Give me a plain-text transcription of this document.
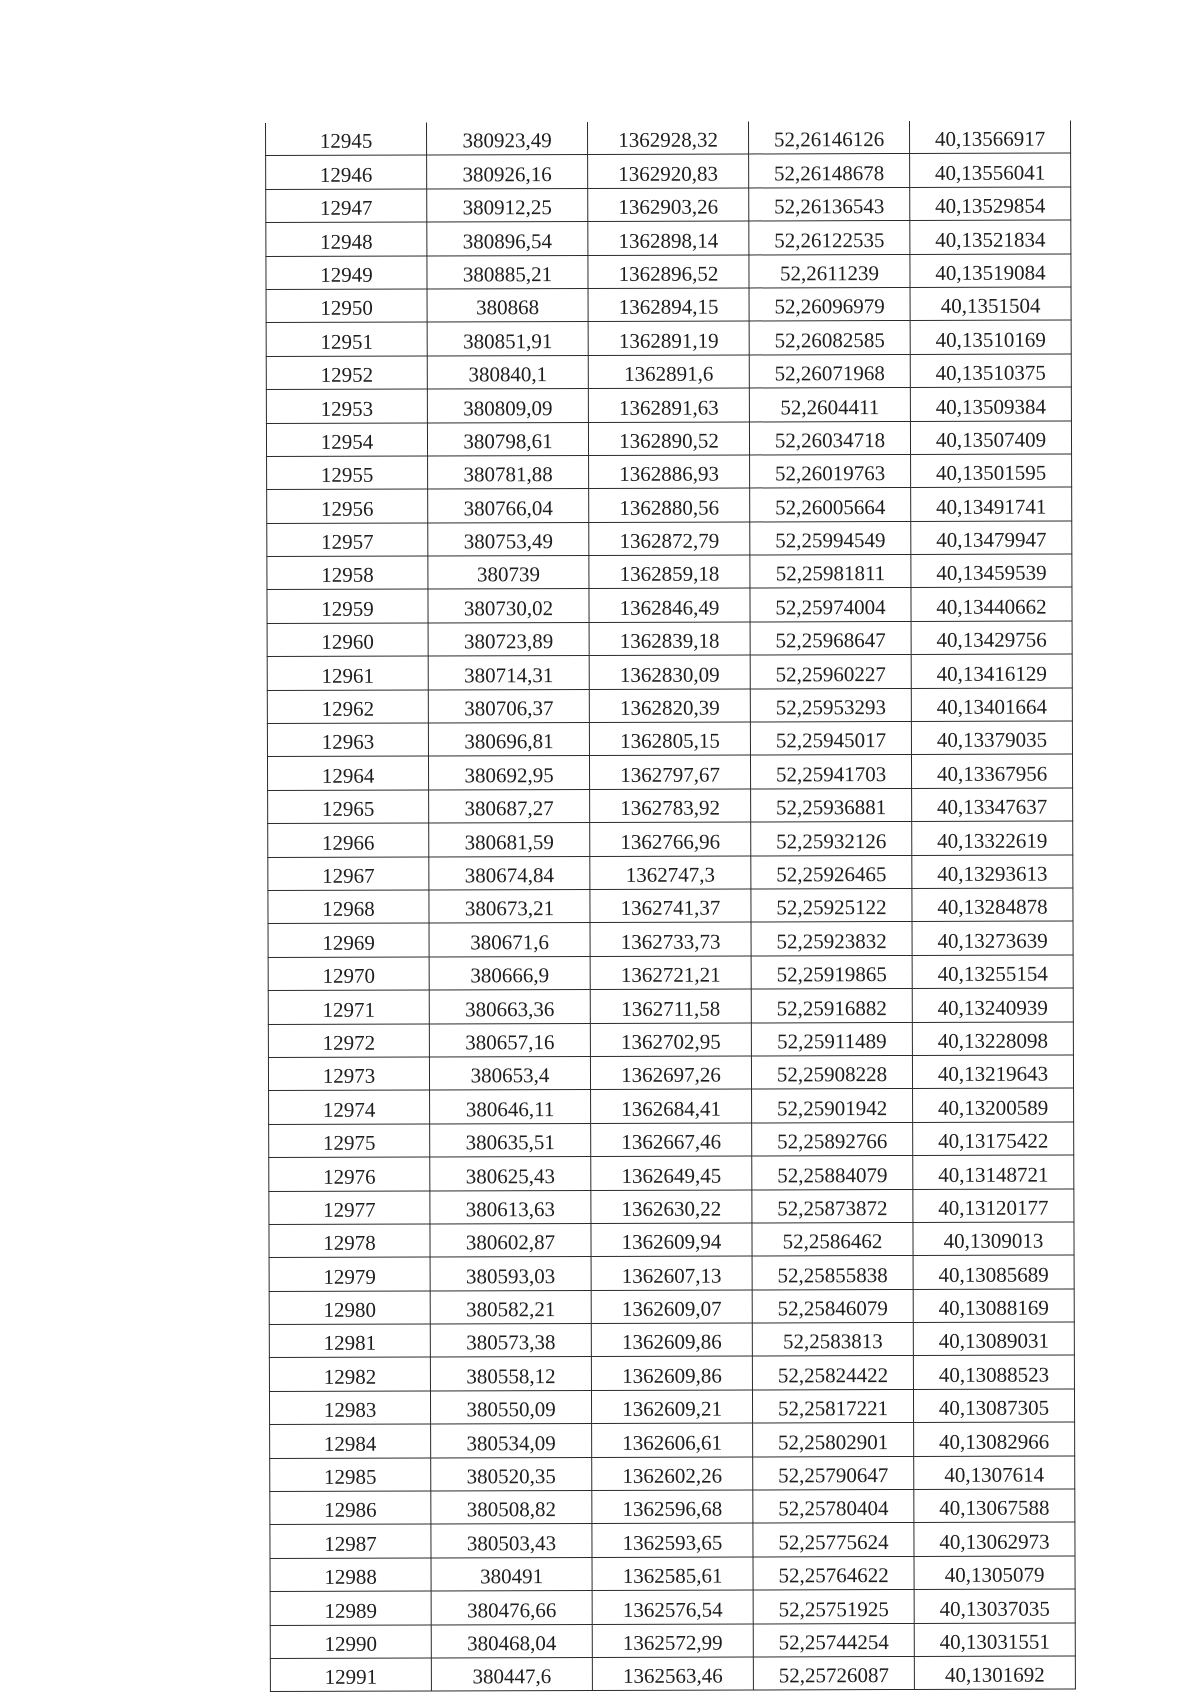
12945	380923,49	1362928,32	52,26146126	40,13566917
12946	380926,16	1362920,83	52,26148678	40,13556041
12947	380912,25	1362903,26	52,26136543	40,13529854
12948	380896,54	1362898,14	52,26122535	40,13521834
12949	380885,21	1362896,52	52,2611239	40,13519084
12950	380868	1362894,15	52,26096979	40,1351504
12951	380851,91	1362891,19	52,26082585	40,13510169
12952	380840,1	1362891,6	52,26071968	40,13510375
12953	380809,09	1362891,63	52,2604411	40,13509384
12954	380798,61	1362890,52	52,26034718	40,13507409
12955	380781,88	1362886,93	52,26019763	40,13501595
12956	380766,04	1362880,56	52,26005664	40,13491741
12957	380753,49	1362872,79	52,25994549	40,13479947
12958	380739	1362859,18	52,25981811	40,13459539
12959	380730,02	1362846,49	52,25974004	40,13440662
12960	380723,89	1362839,18	52,25968647	40,13429756
12961	380714,31	1362830,09	52,25960227	40,13416129
12962	380706,37	1362820,39	52,25953293	40,13401664
12963	380696,81	1362805,15	52,25945017	40,13379035
12964	380692,95	1362797,67	52,25941703	40,13367956
12965	380687,27	1362783,92	52,25936881	40,13347637
12966	380681,59	1362766,96	52,25932126	40,13322619
12967	380674,84	1362747,3	52,25926465	40,13293613
12968	380673,21	1362741,37	52,25925122	40,13284878
12969	380671,6	1362733,73	52,25923832	40,13273639
12970	380666,9	1362721,21	52,25919865	40,13255154
12971	380663,36	1362711,58	52,25916882	40,13240939
12972	380657,16	1362702,95	52,25911489	40,13228098
12973	380653,4	1362697,26	52,25908228	40,13219643
12974	380646,11	1362684,41	52,25901942	40,13200589
12975	380635,51	1362667,46	52,25892766	40,13175422
12976	380625,43	1362649,45	52,25884079	40,13148721
12977	380613,63	1362630,22	52,25873872	40,13120177
12978	380602,87	1362609,94	52,2586462	40,1309013
12979	380593,03	1362607,13	52,25855838	40,13085689
12980	380582,21	1362609,07	52,25846079	40,13088169
12981	380573,38	1362609,86	52,2583813	40,13089031
12982	380558,12	1362609,86	52,25824422	40,13088523
12983	380550,09	1362609,21	52,25817221	40,13087305
12984	380534,09	1362606,61	52,25802901	40,13082966
12985	380520,35	1362602,26	52,25790647	40,1307614
12986	380508,82	1362596,68	52,25780404	40,13067588
12987	380503,43	1362593,65	52,25775624	40,13062973
12988	380491	1362585,61	52,25764622	40,1305079
12989	380476,66	1362576,54	52,25751925	40,13037035
12990	380468,04	1362572,99	52,25744254	40,13031551
12991	380447,6	1362563,46	52,25726087	40,1301692
